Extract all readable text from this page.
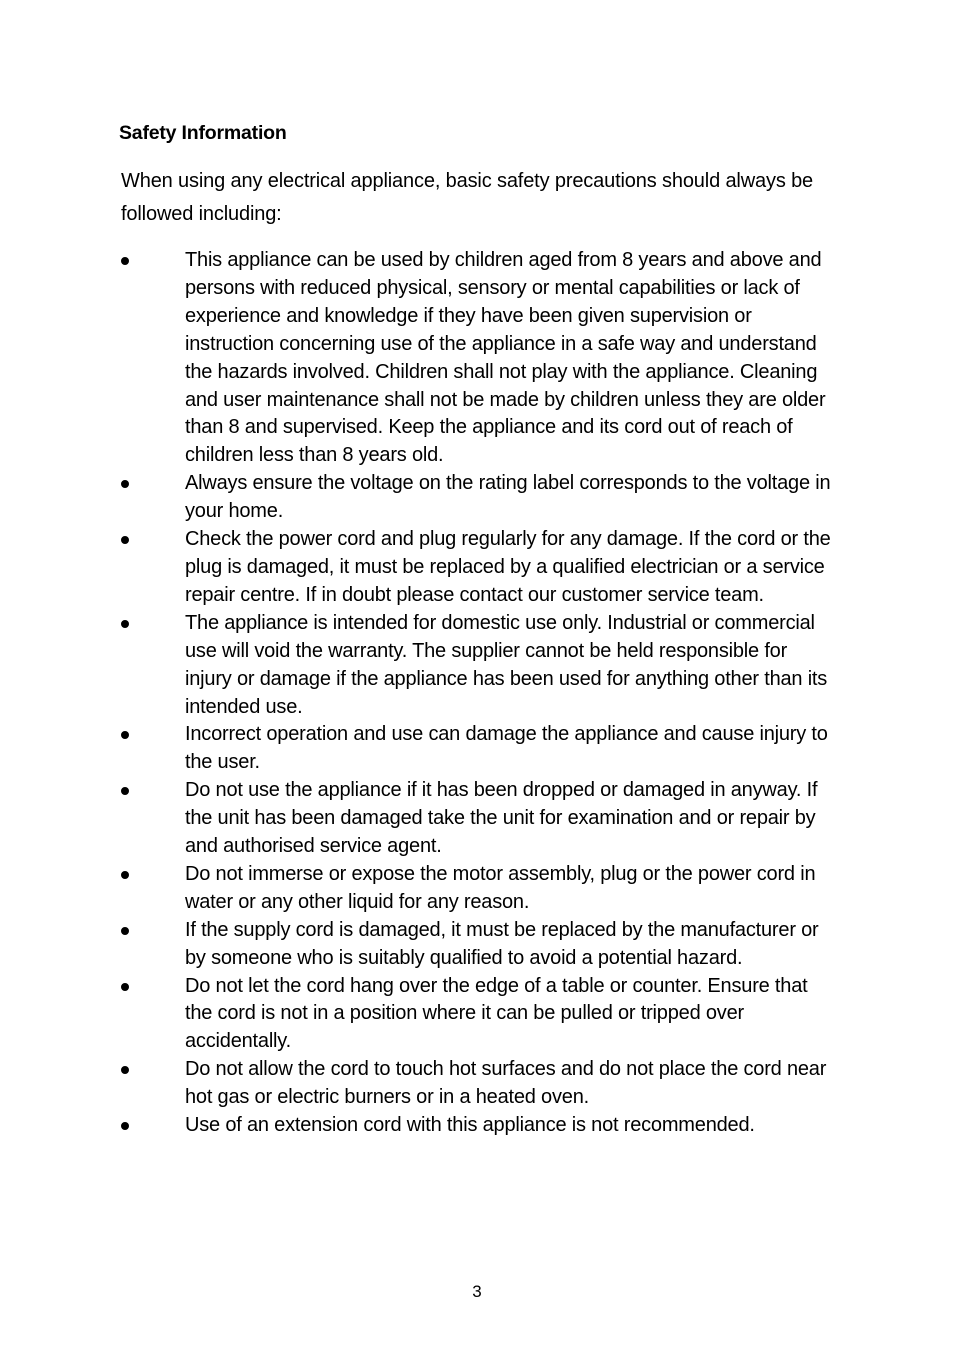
Safety Information

When using any electrical appliance, basic safety precautions should always be followed including:

This appliance can be used by children aged from 8 years and above and persons with reduced physical, sensory or mental capabilities or lack of experience and knowledge if they have been given supervision or instruction concerning use of the appliance in a safe way and understand the hazards involved. Children shall not play with the appliance. Cleaning and user maintenance shall not be made by children unless they are older than 8 and supervised. Keep the appliance and its cord out of reach of children less than 8 years old.
Always ensure the voltage on the rating label corresponds to the voltage in your home.
Check the power cord and plug regularly for any damage. If the cord or the plug is damaged, it must be replaced by a qualified electrician or a service repair centre. If in doubt please contact our customer service team.
The appliance is intended for domestic use only. Industrial or commercial use will void the warranty. The supplier cannot be held responsible for injury or damage if the appliance has been used for anything other than its intended use.
Incorrect operation and use can damage the appliance and cause injury to the user.
Do not use the appliance if it has been dropped or damaged in anyway. If the unit has been damaged take the unit for examination and or repair by and authorised service agent.
Do not immerse or expose the motor assembly, plug or the power cord in water or any other liquid for any reason.
If the supply cord is damaged, it must be replaced by the manufacturer or by someone who is suitably qualified to avoid a potential hazard.
Do not let the cord hang over the edge of a table or counter. Ensure that the cord is not in a position where it can be pulled or tripped over accidentally.
Do not allow the cord to touch hot surfaces and do not place the cord near hot gas or electric burners or in a heated oven.
Use of an extension cord with this appliance is not recommended.

3
